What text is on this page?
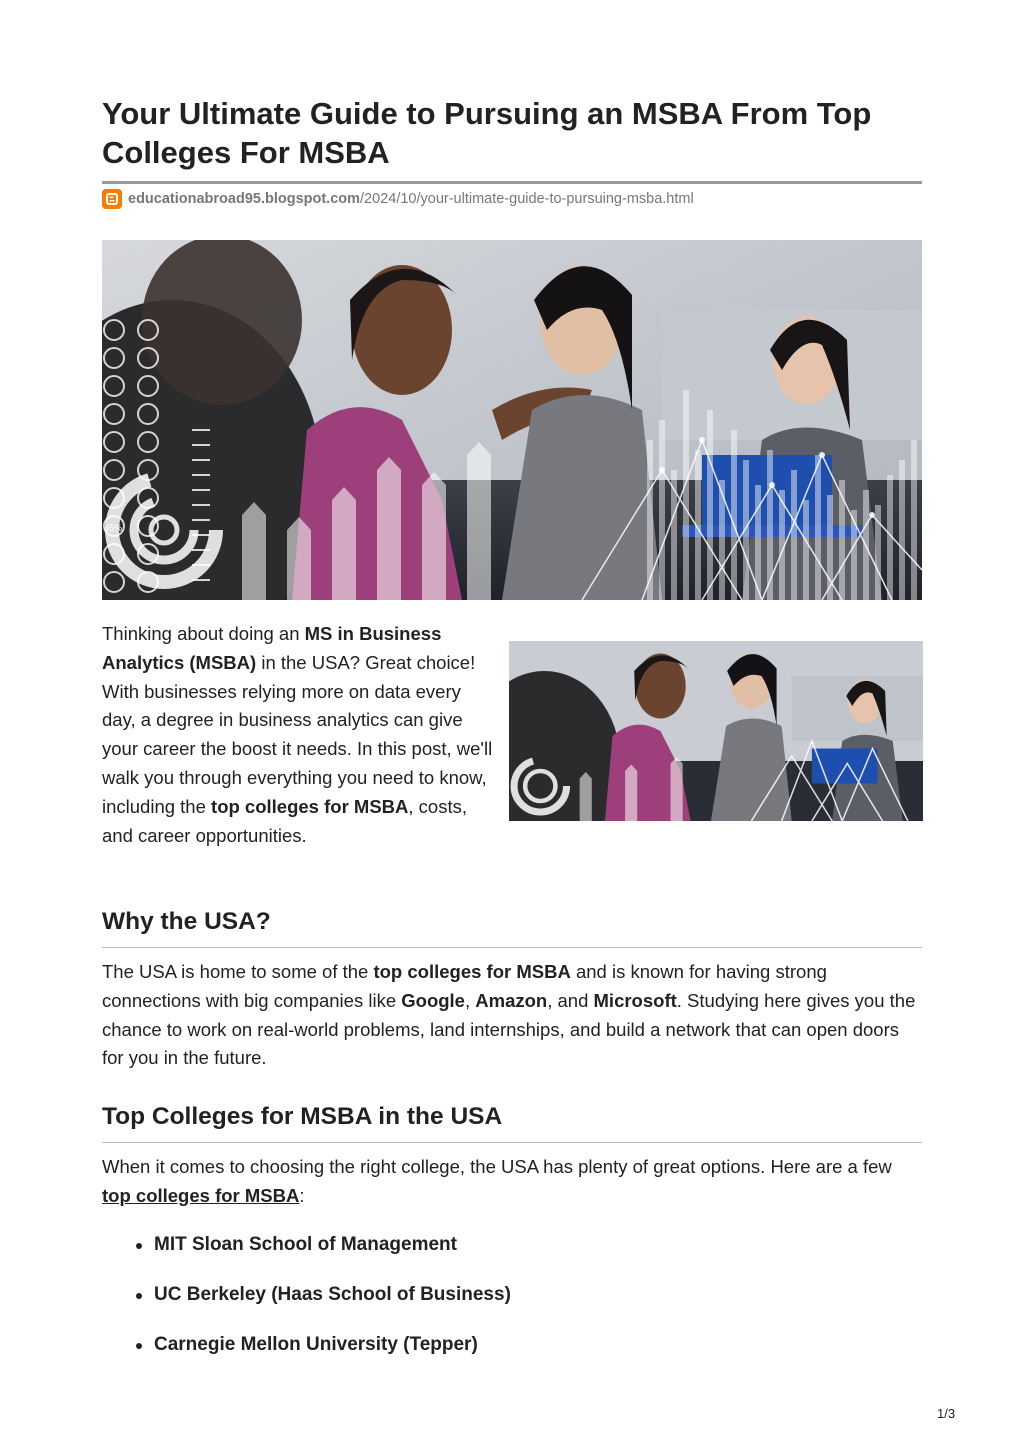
Your Ultimate Guide to Pursuing an MSBA From Top Colleges For MSBA
educationabroad95.blogspot.com /2024/10/your-ultimate-guide-to-pursuing-msba.html
45%
Thinking about doing an MS in Business Analytics (MSBA) in the USA? Great choice! With businesses relying more on data every day, a degree in business analytics can give your career the boost it needs. In this post, we'll walk you through everything you need to know, including the top colleges for MSBA, costs, and career opportunities.
Why the USA?

The USA is home to some of the top colleges for MSBA and is known for having strong connections with big companies like Google, Amazon, and Microsoft. Studying here gives you the chance to work on real-world problems, land internships, and build a network that can open doors for you in the future.

Top Colleges for MSBA in the USA

When it comes to choosing the right college, the USA has plenty of great options. Here are a few top colleges for MSBA:

MIT Sloan School of Management
UC Berkeley (Haas School of Business)
Carnegie Mellon University (Tepper)
1/3
